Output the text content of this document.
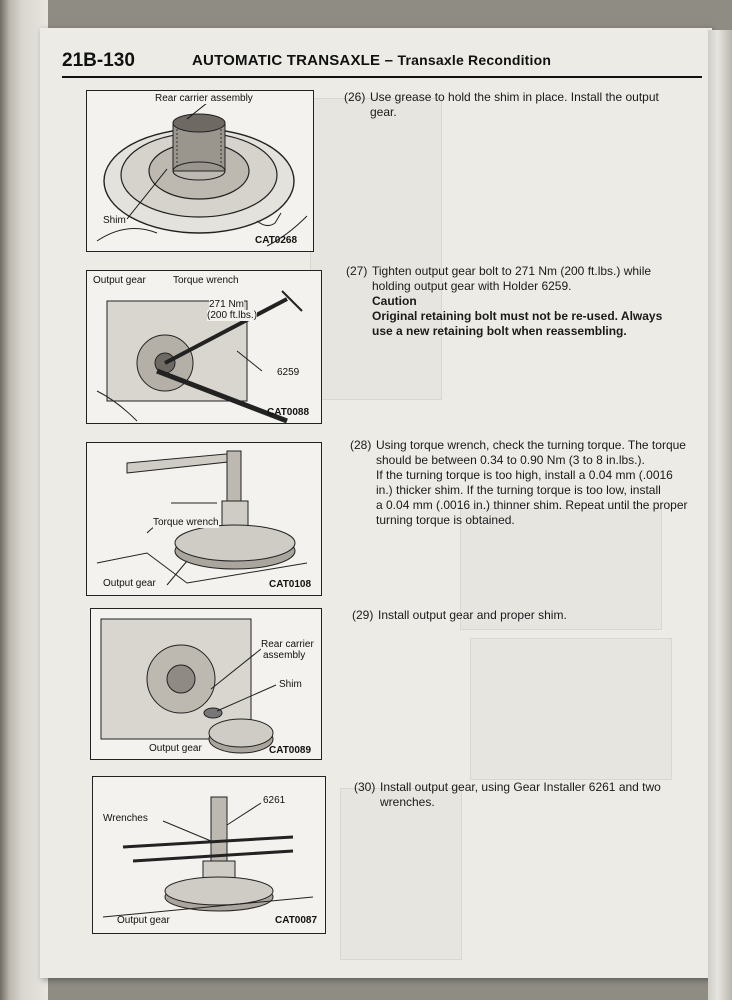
21B-130	AUTOMATIC TRANSAXLE – Transaxle Recondition
Rear carrier assembly
Shim
CAT0268
Output gear	Torque wrench
271 Nm
(200 ft.lbs.)
6259
CAT0088
Torque wrench
Output gear	CAT0108
Rear carrier
assembly
Shim
Output gear	CAT0089
6261
Wrenches
Output gear	CAT0087

(26) Use grease to hold the shim in place. Install the output

gear.

(27) Tighten output gear bolt to 271 Nm (200 ft.lbs.) while

holding output gear with Holder 6259.

Caution

Original retaining bolt must not be re-used. Always

use a new retaining bolt when reassembling.

(28) Using torque wrench, check the turning torque. The torque

should be between 0.34 to 0.90 Nm (3 to 8 in.lbs.).

If the turning torque is too high, install a 0.04 mm (.0016

in.) thicker shim. If the turning torque is too low, install

a 0.04 mm (.0016 in.) thinner shim. Repeat until the proper

turning torque is obtained.

(29) Install output gear and proper shim.

(30) Install output gear, using Gear Installer 6261 and two

wrenches.
